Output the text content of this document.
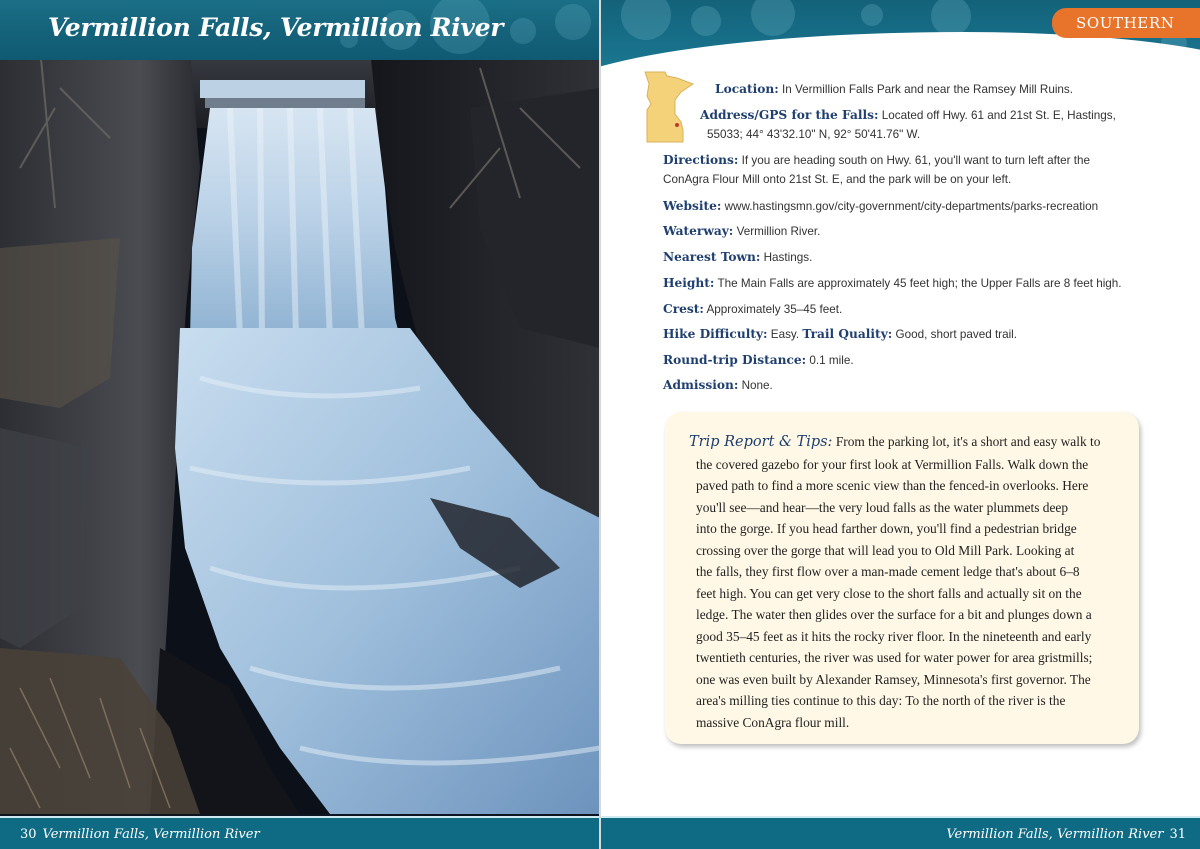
Vermillion Falls, Vermillion River
30 Vermillion Falls, Vermillion River
SOUTHERN
Location: In Vermillion Falls Park and near the Ramsey Mill Ruins.
Address/GPS for the Falls: Located off Hwy. 61 and 21st St. E, Hastings,
55033; 44° 43'32.10" N, 92° 50'41.76" W.
Directions: If you are heading south on Hwy. 61, you'll want to turn left after the
ConAgra Flour Mill onto 21st St. E, and the park will be on your left.
Website: www.hastingsmn.gov/city-government/city-departments/parks-recreation
Waterway: Vermillion River.
Nearest Town: Hastings.
Height: The Main Falls are approximately 45 feet high; the Upper Falls are 8 feet high.
Crest: Approximately 35–45 feet.
Hike Difficulty: Easy. Trail Quality: Good, short paved trail.
Round-trip Distance: 0.1 mile.
Admission: None.
Trip Report & Tips: From the parking lot, it's a short and easy walk to
the covered gazebo for your first look at Vermillion Falls. Walk down the
paved path to find a more scenic view than the fenced-in overlooks. Here
you'll see—and hear—the very loud falls as the water plummets deep
into the gorge. If you head farther down, you'll find a pedestrian bridge
crossing over the gorge that will lead you to Old Mill Park. Looking at
the falls, they first flow over a man-made cement ledge that's about 6–8
feet high. You can get very close to the short falls and actually sit on the
ledge. The water then glides over the surface for a bit and plunges down a
good 35–45 feet as it hits the rocky river floor. In the nineteenth and early
twentieth centuries, the river was used for water power for area gristmills;
one was even built by Alexander Ramsey, Minnesota's first governor. The
area's milling ties continue to this day: To the north of the river is the
massive ConAgra flour mill.
Vermillion Falls, Vermillion River 31
